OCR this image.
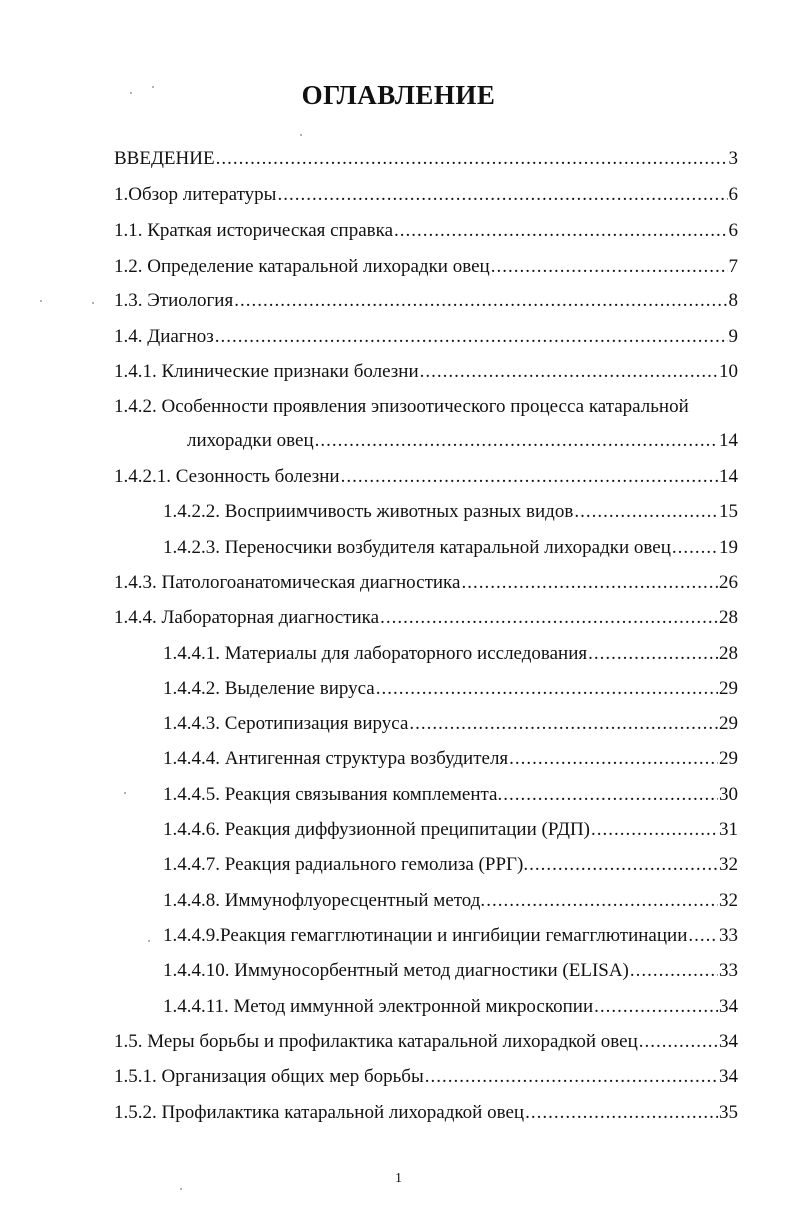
ОГЛАВЛЕНИЕ
ВВЕДЕНИЕ .....	3
1.Обзор литературы .....	6
1.1. Краткая историческая справка .....	6
1.2. Определение катаральной лихорадки овец .....	7
1.3. Этиология .....	8
1.4. Диагноз .....	9
1.4.1. Клинические признаки болезни .....	10
1.4.2. Особенности проявления эпизоотического процесса катаральной
лихорадки овец .....	14
1.4.2.1. Сезонность болезни .....	14
1.4.2.2. Восприимчивость животных разных видов .....	15
1.4.2.3. Переносчики возбудителя катаральной лихорадки овец .....	19
1.4.3. Патологоанатомическая диагностика .....	26
1.4.4. Лабораторная диагностика .....	28
1.4.4.1. Материалы для лабораторного исследования .....	28
1.4.4.2. Выделение вируса .....	29
1.4.4.3. Серотипизация вируса .....	29
1.4.4.4. Антигенная структура возбудителя .....	29
1.4.4.5. Реакция связывания комплемента. .....	30
1.4.4.6. Реакция диффузионной преципитации (РДП) .....	31
1.4.4.7. Реакция радиального гемолиза (РРГ). .....	32
1.4.4.8. Иммунофлуоресцентный метод. .....	32
1.4.4.9.Реакция гемагглютинации и ингибиции гемагглютинации ..... 33
1.4.4.10. Иммуносорбентный метод диагностики (ELISA) .....	33
1.4.4.11. Метод иммунной электронной микроскопии .....	34
1.5. Меры борьбы и профилактика катаральной лихорадкой овец .....	34
1.5.1. Организация общих мер борьбы .....	34
1.5.2. Профилактика катаральной лихорадкой овец .....	35
1
